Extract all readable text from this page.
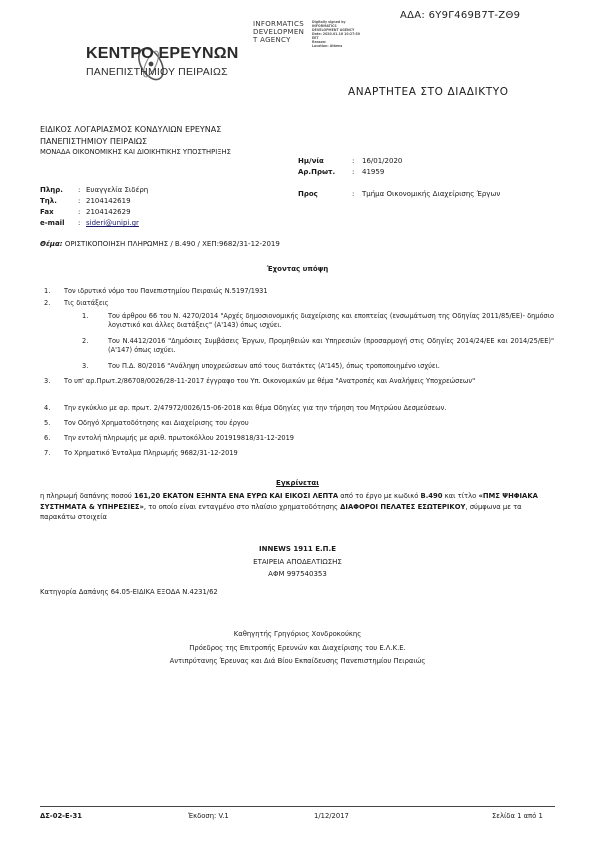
ΑΔΑ: 6Υ9Γ469Β7Τ-ΖΘ9
INFORMATICS
DEVELOPMEN
T AGENCY
Digitally signed by
INFORMATICS
DEVELOPMENT AGENCY
Date: 2020.01.16 10:27:50
EET
Reason:
Location: Athens
ΚΕΝΤΡΟ ΕΡΕΥΝΩΝ
ΠΑΝΕΠΙΣΤΗΜΙΟΥ ΠΕΙΡΑΙΩΣ
ΑΝΑΡΤΗΤΕΑ ΣΤΟ ΔΙΑΔΙΚΤΥΟ
ΕΙΔΙΚΟΣ ΛΟΓΑΡΙΑΣΜΟΣ ΚΟΝΔΥΛΙΩΝ ΕΡΕΥΝΑΣ
ΠΑΝΕΠΙΣΤΗΜΙΟΥ ΠΕΙΡΑΙΩΣ
ΜΟΝΑΔΑ ΟΙΚΟΝΟΜΙΚΗΣ ΚΑΙ ΔΙΟΙΚΗΤΙΚΗΣ ΥΠΟΣΤΗΡΙΞΗΣ
Ημ/νία	:	16/01/2020
Αρ.Πρωτ.	:	41959
Προς	:	Τμήμα Οικονομικής Διαχείρισης Έργων
Πληρ.	: Ευαγγελία Σιδέρη
Τηλ.	: 2104142619
Fax	: 2104142629
e-mail	: sideri@unipi.gr
Θέμα: ΟΡΙΣΤΙΚΟΠΟΙΗΣΗ ΠΛΗΡΩΜΗΣ / Β.490 / ΧΕΠ:9682/31-12-2019
Έχοντας υπόψη
1. Τον ιδρυτικό νόμο του Πανεπιστημίου Πειραιώς Ν.5197/1931
2. Τις διατάξεις
1.	Του άρθρου 66 του Ν. 4270/2014 "Αρχές δημοσιονομικής διαχείρισης και εποπτείας (ενσωμάτωση της Οδηγίας 2011/85/ΕΕ)- δημόσιο λογιστικό και άλλες διατάξεις" (Α'143) όπως ισχύει.
2.	Του Ν.4412/2016 "Δημόσιες Συμβάσεις Έργων, Προμηθειών και Υπηρεσιών (προσαρμογή στις Οδηγίες 2014/24/ΕΕ και 2014/25/ΕΕ)" (Α'147) όπως ισχύει.
3.	Του Π.Δ. 80/2016 "Ανάληψη υποχρεώσεων από τους διατάκτες (Α'145), όπως τροποποιημένο ισχύει.
3. Το υπ' αρ.Πρωτ.2/86708/0026/28-11-2017 έγγραφο του Υπ. Οικονομικών με θέμα "Ανατροπές και Αναλήψεις Υποχρεώσεων"
4. Την εγκύκλιο με αρ. πρωτ. 2/47972/0026/15-06-2018 και θέμα Οδηγίες για την τήρηση του Μητρώου Δεσμεύσεων.
5. Τον Οδηγό Χρηματοδότησης και Διαχείρισης του έργου
6. Την εντολή πληρωμής με αριθ. πρωτοκόλλου 201919818/31-12-2019
7. Το Χρηματικό Ένταλμα Πληρωμής 9682/31-12-2019
Εγκρίνεται
η πληρωμή δαπάνης ποσού 161,20 ΕΚΑΤΟΝ ΕΞΗΝΤΑ ΕΝΑ ΕΥΡΩ ΚΑΙ ΕΙΚΟΣΙ ΛΕΠΤΑ από το έργο με κωδικό Β.490 και τίτλο «ΠΜΣ ΨΗΦΙΑΚΑ ΣΥΣΤΗΜΑΤΑ & ΥΠΗΡΕΣΙΕΣ», το οποίο είναι ενταγμένο στο πλαίσιο χρηματοδότησης ΔΙΑΦΟΡΟΙ ΠΕΛΑΤΕΣ ΕΣΩΤΕΡΙΚΟΥ, σύμφωνα με τα παρακάτω στοιχεία
INNEWS 1911 Ε.Π.Ε
ΕΤΑΙΡΕΙΑ ΑΠΟΔΕΛΤΙΩΣΗΣ
ΑΦΜ 997540353
Κατηγορία Δαπάνης 64.05-ΕΙΔΙΚΑ ΕΞΟΔΑ Ν.4231/62
Καθηγητής Γρηγόριος Χονδροκούκης
Πρόεδρος της Επιτροπής Ερευνών και Διαχείρισης του Ε.Λ.Κ.Ε.
Αντιπρύτανης Έρευνας και Διά Βίου Εκπαίδευσης Πανεπιστημίου Πειραιώς
ΔΣ-02-Ε-31	Έκδοση: V.1	1/12/2017	Σελίδα 1 από 1
